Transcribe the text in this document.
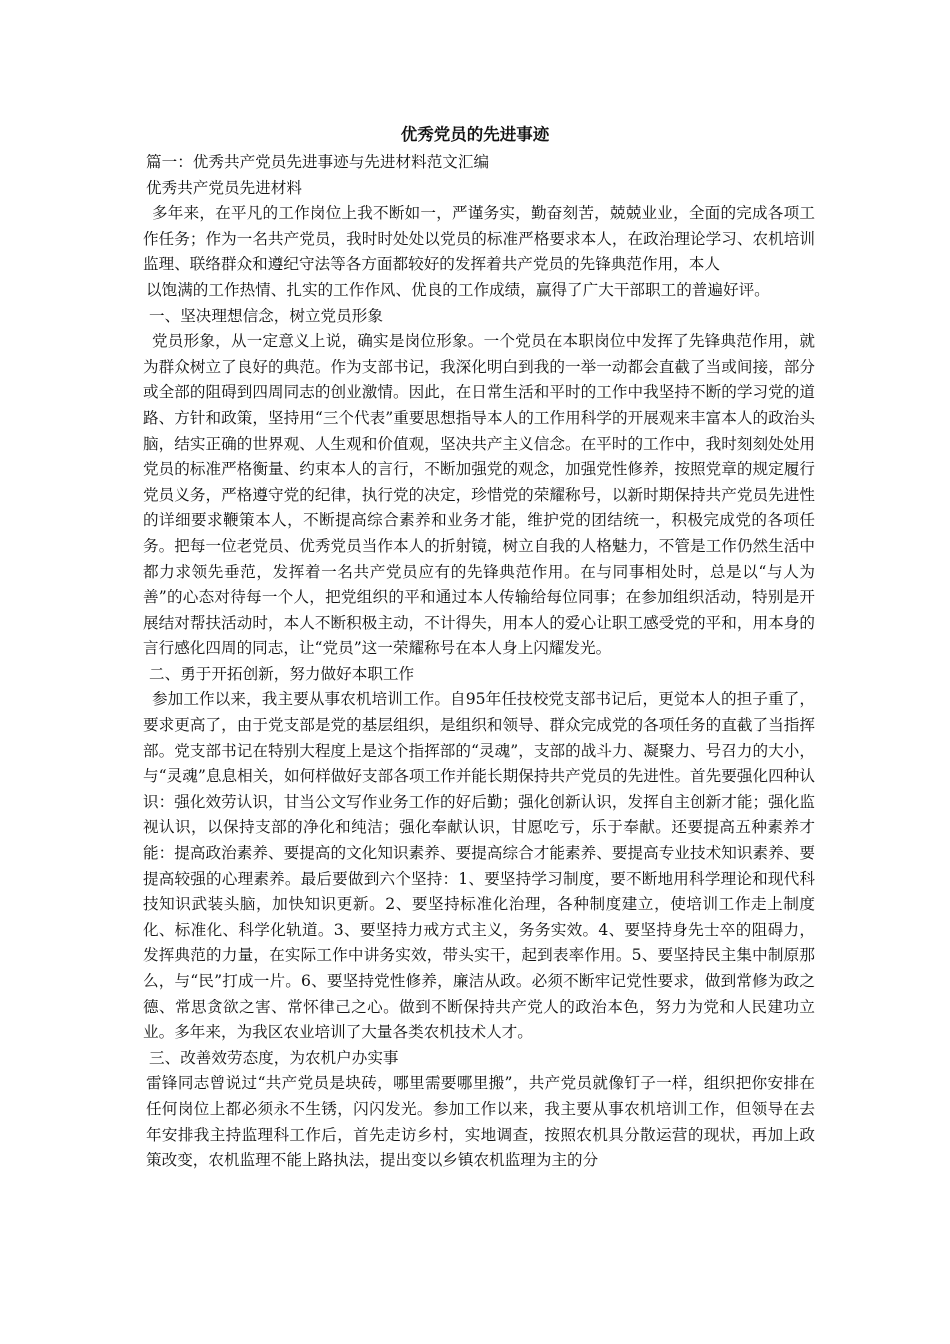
优秀党员的先进事迹

篇一：优秀共产党员先进事迹与先进材料范文汇编

优秀共产党员先进材料

多年来，在平凡的工作岗位上我不断如一，严谨务实，勤奋刻苦，兢兢业业，全面的完成各项工作任务；作为一名共产党员，我时时处处以党员的标准严格要求本人，在政治理论学习、农机培训监理、联络群众和遵纪守法等各方面都较好的发挥着共产党员的先锋典范作用，本人

以饱满的工作热情、扎实的工作作风、优良的工作成绩，赢得了广大干部职工的普遍好评。

一、坚决理想信念，树立党员形象

党员形象，从一定意义上说，确实是岗位形象。一个党员在本职岗位中发挥了先锋典范作用，就为群众树立了良好的典范。作为支部书记，我深化明白到我的一举一动都会直截了当或间接，部分或全部的阻碍到四周同志的创业激情。因此，在日常生活和平时的工作中我坚持不断的学习党的道路、方针和政策，坚持用“三个代表”重要思想指导本人的工作用科学的开展观来丰富本人的政治头脑，结实正确的世界观、人生观和价值观，坚决共产主义信念。在平时的工作中，我时刻刻处处用党员的标准严格衡量、约束本人的言行，不断加强党的观念，加强党性修养，按照党章的规定履行党员义务，严格遵守党的纪律，执行党的决定，珍惜党的荣耀称号，以新时期保持共产党员先进性的详细要求鞭策本人，不断提高综合素养和业务才能，维护党的团结统一，积极完成党的各项任务。把每一位老党员、优秀党员当作本人的折射镜，树立自我的人格魅力，不管是工作仍然生活中都力求领先垂范，发挥着一名共产党员应有的先锋典范作用。在与同事相处时，总是以“与人为善”的心态对待每一个人，把党组织的平和通过本人传输给每位同事；在参加组织活动，特别是开展结对帮扶活动时，本人不断积极主动，不计得失，用本人的爱心让职工感受党的平和，用本身的言行感化四周的同志，让“党员”这一荣耀称号在本人身上闪耀发光。

二、勇于开拓创新，努力做好本职工作

参加工作以来，我主要从事农机培训工作。自95年任技校党支部书记后，更觉本人的担子重了，要求更高了，由于党支部是党的基层组织，是组织和领导、群众完成党的各项任务的直截了当指挥部。党支部书记在特别大程度上是这个指挥部的“灵魂”，支部的战斗力、凝聚力、号召力的大小，与“灵魂”息息相关，如何样做好支部各项工作并能长期保持共产党员的先进性。首先要强化四种认识：强化效劳认识，甘当公文写作业务工作的好后勤；强化创新认识，发挥自主创新才能；强化监视认识，以保持支部的净化和纯洁；强化奉献认识，甘愿吃亏，乐于奉献。还要提高五种素养才能：提高政治素养、要提高的文化知识素养、要提高综合才能素养、要提高专业技术知识素养、要提高较强的心理素养。最后要做到六个坚持：1、要坚持学习制度，要不断地用科学理论和现代科技知识武装头脑，加快知识更新。2、要坚持标准化治理，各种制度建立，使培训工作走上制度化、标准化、科学化轨道。3、要坚持力戒方式主义，务务实效。4、要坚持身先士卒的阻碍力，发挥典范的力量，在实际工作中讲务实效，带头实干，起到表率作用。5、要坚持民主集中制原那么，与“民”打成一片。6、要坚持党性修养，廉洁从政。必须不断牢记党性要求，做到常修为政之德、常思贪欲之害、常怀律己之心。做到不断保持共产党人的政治本色，努力为党和人民建功立业。多年来，为我区农业培训了大量各类农机技术人才。

三、改善效劳态度，为农机户办实事

雷锋同志曾说过“共产党员是块砖，哪里需要哪里搬”，共产党员就像钉子一样，组织把你安排在任何岗位上都必须永不生锈，闪闪发光。参加工作以来，我主要从事农机培训工作，但领导在去年安排我主持监理科工作后，首先走访乡村，实地调查，按照农机具分散运营的现状，再加上政策改变，农机监理不能上路执法，提出变以乡镇农机监理为主的分
